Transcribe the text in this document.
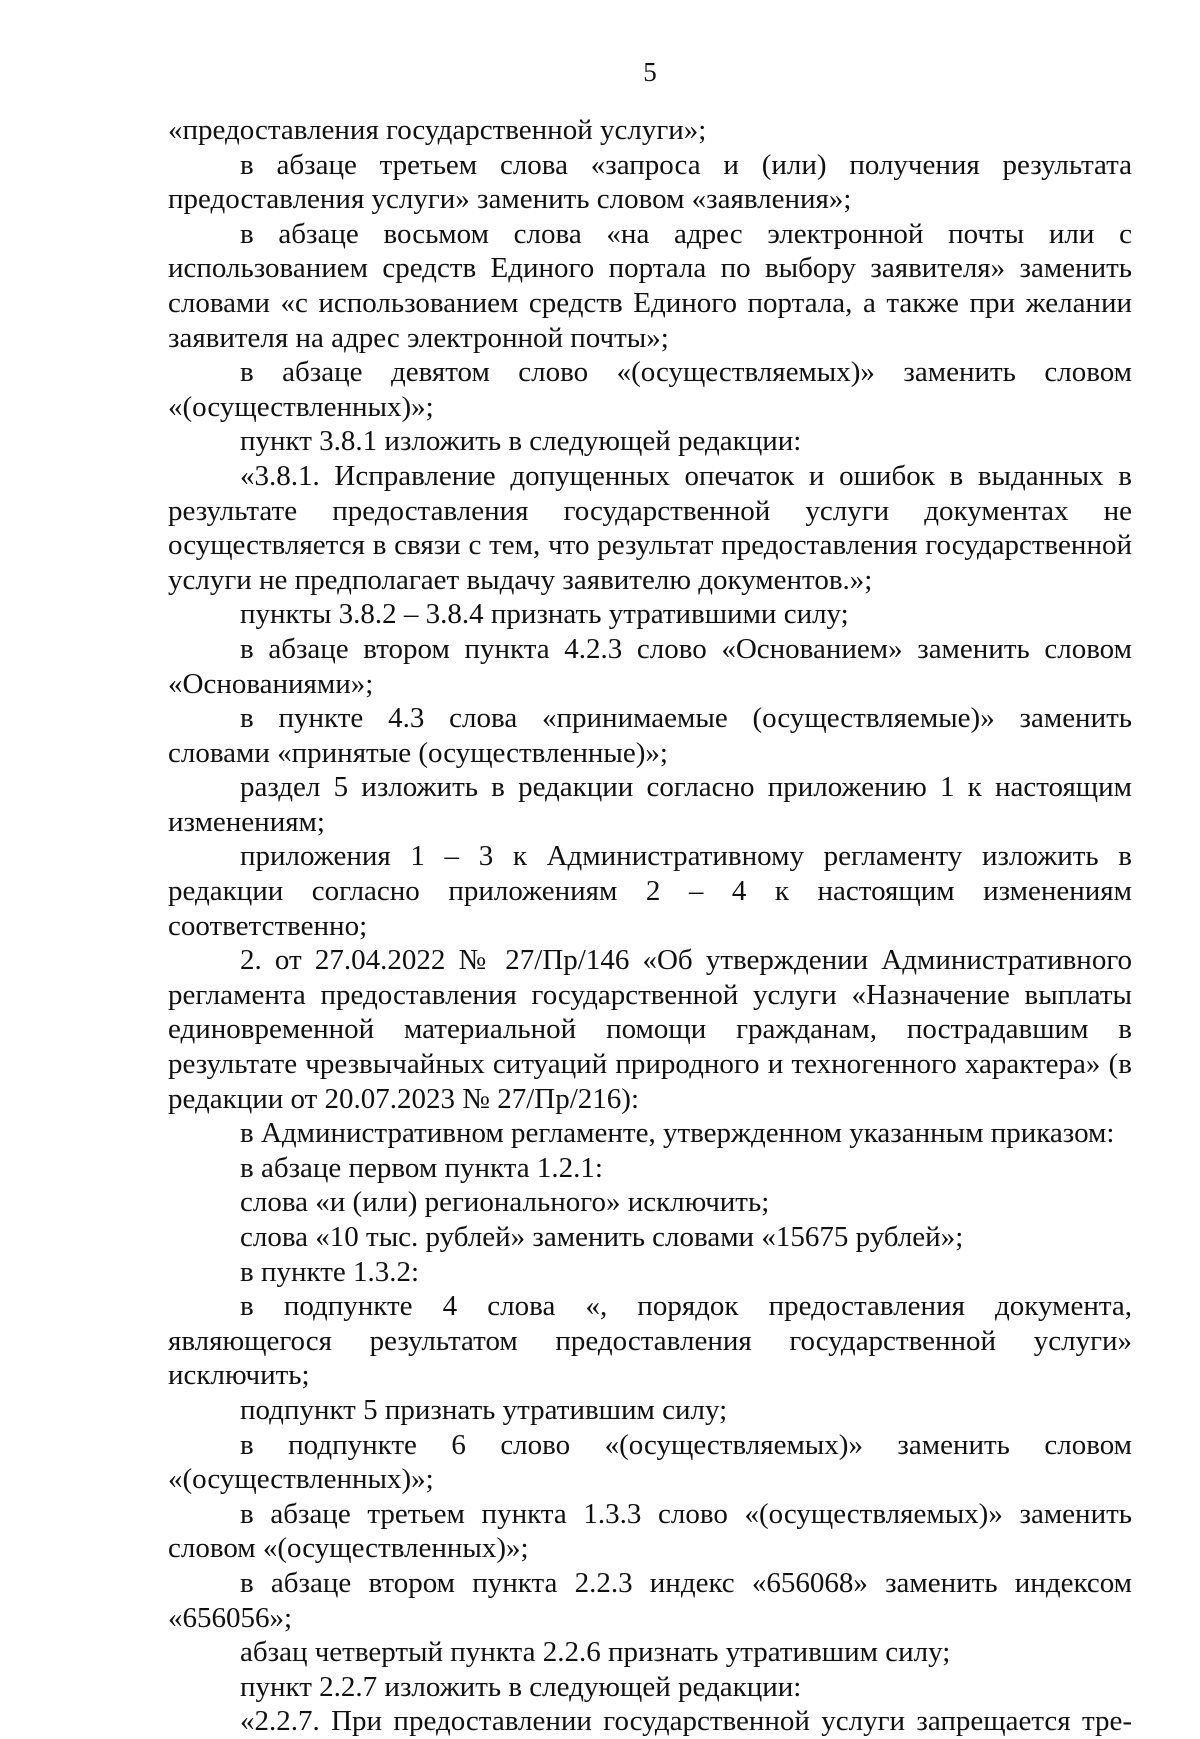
5

«предоставления государственной услуги»;

в абзаце третьем слова «запроса и (или) получения результата предоставления услуги» заменить словом «заявления»;

в абзаце восьмом слова «на адрес электронной почты или с использованием средств Единого портала по выбору заявителя» заменить словами «с использованием средств Единого портала, а также при желании заявителя на адрес электронной почты»;

в абзаце девятом слово «(осуществляемых)» заменить словом «(осуществленных)»;

пункт 3.8.1 изложить в следующей редакции:

«3.8.1. Исправление допущенных опечаток и ошибок в выданных в результате предоставления государственной услуги документах не осуществляется в связи с тем, что результат предоставления государственной услуги не предполагает выдачу заявителю документов.»;

пункты 3.8.2 – 3.8.4 признать утратившими силу;

в абзаце втором пункта 4.2.3 слово «Основанием» заменить словом «Основаниями»;

в пункте 4.3 слова «принимаемые (осуществляемые)» заменить словами «принятые (осуществленные)»;

раздел 5 изложить в редакции согласно приложению 1 к настоящим изменениям;

приложения 1 – 3 к Административному регламенту изложить в редакции согласно приложениям 2 – 4 к настоящим изменениям соответственно;

2. от 27.04.2022 № 27/Пр/146 «Об утверждении Административного регламента предоставления государственной услуги «Назначение выплаты единовременной материальной помощи гражданам, пострадавшим в результате чрезвычайных ситуаций природного и техногенного характера» (в редакции от 20.07.2023 № 27/Пр/216):

в Административном регламенте, утвержденном указанным приказом:

в абзаце первом пункта 1.2.1:

слова «и (или) регионального» исключить;

слова «10 тыс. рублей» заменить словами «15675 рублей»;

в пункте 1.3.2:

в подпункте 4 слова «, порядок предоставления документа, являющегося результатом предоставления государственной услуги» исключить;

подпункт 5 признать утратившим силу;

в подпункте 6 слово «(осуществляемых)» заменить словом «(осуществленных)»;

в абзаце третьем пункта 1.3.3 слово «(осуществляемых)» заменить словом «(осуществленных)»;

в абзаце втором пункта 2.2.3 индекс «656068» заменить индексом «656056»;

абзац четвертый пункта 2.2.6 признать утратившим силу;

пункт 2.2.7 изложить в следующей редакции:

«2.2.7. При предоставлении государственной услуги запрещается тре-
